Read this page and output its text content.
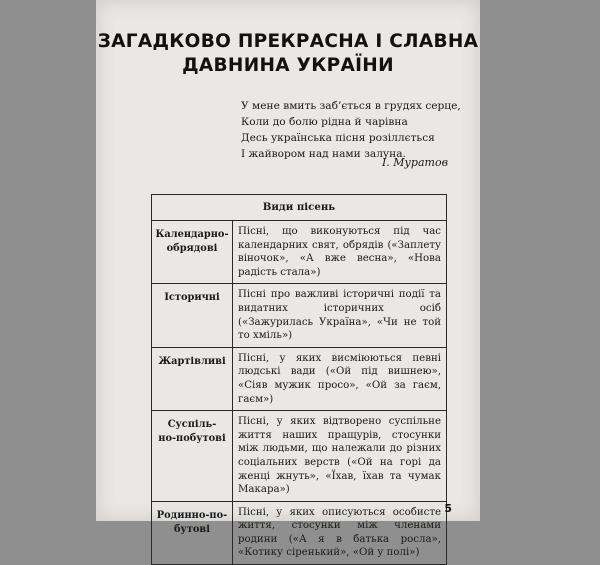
ЗАГАДКОВО ПРЕКРАСНА І СЛАВНА
ДАВНИНА УКРАЇНИ
У мене вмить заб’ється в грудях серце,
Коли до болю рідна й чарівна
Десь українська пісня розіллється
І жайвором над нами залуна.
І. Муратов
Види пісень	
Календарно-
обрядові	Пісні, що виконуються під час календарних свят, обрядів («Заплету віночок», «А вже весна», «Нова радість стала»)
Історичні	Пісні про важливі історичні події та видатних історичних осіб («Зажурилась Україна», «Чи не той то хміль»)
Жартівливі	Пісні, у яких висміюються певні людські вади («Ой під вишнею», «Сіяв мужик просо», «Ой за гаєм, гаєм»)
Суспіль-
но-побутові	Пісні, у яких відтворено суспільне життя наших пращурів, стосунки між людьми, що належали до різних соціальних верств («Ой на горі да женці жнуть», «Їхав, їхав та чумак Макара»)
Родинно-по-
бутові	Пісні, у яких описуються особисте життя, стосунки між членами родини («А я в батька росла», «Котику сіренький», «Ой у полі»)
5
